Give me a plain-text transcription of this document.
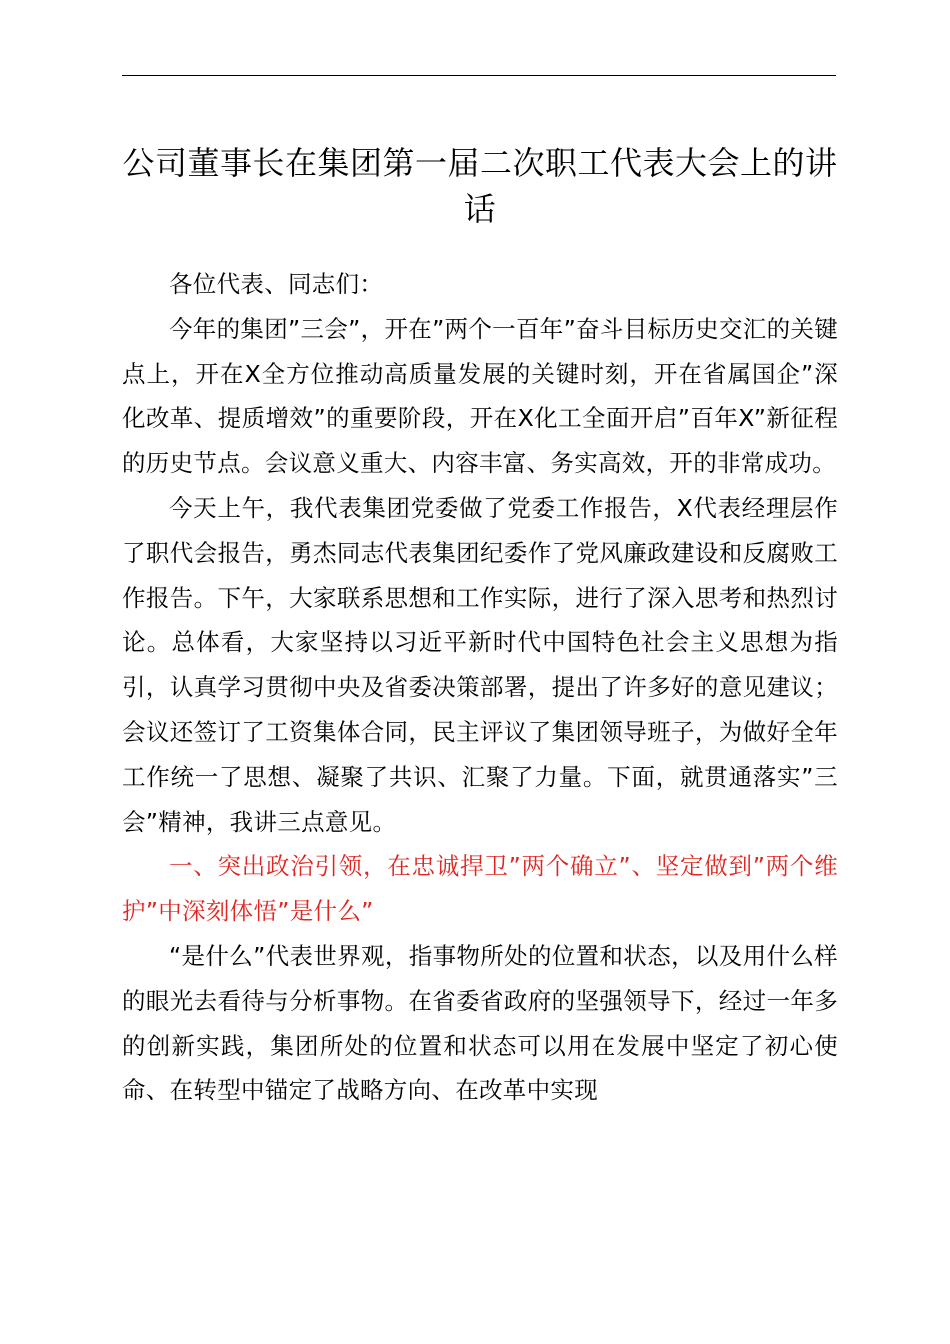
公司董事长在集团第一届二次职工代表大会上的讲话

各位代表、同志们：

今年的集团”三会”，开在”两个一百年”奋斗目标历史交汇的关键点上，开在X全方位推动高质量发展的关键时刻，开在省属国企”深化改革、提质增效”的重要阶段，开在X化工全面开启”百年X”新征程的历史节点。会议意义重大、内容丰富、务实高效，开的非常成功。

今天上午，我代表集团党委做了党委工作报告，X代表经理层作了职代会报告，勇杰同志代表集团纪委作了党风廉政建设和反腐败工作报告。下午，大家联系思想和工作实际，进行了深入思考和热烈讨论。总体看，大家坚持以习近平新时代中国特色社会主义思想为指引，认真学习贯彻中央及省委决策部署，提出了许多好的意见建议；会议还签订了工资集体合同，民主评议了集团领导班子，为做好全年工作统一了思想、凝聚了共识、汇聚了力量。下面，就贯通落实”三会”精神，我讲三点意见。

一、突出政治引领，在忠诚捍卫”两个确立”、坚定做到”两个维护”中深刻体悟”是什么”

“是什么”代表世界观，指事物所处的位置和状态，以及用什么样的眼光去看待与分析事物。在省委省政府的坚强领导下，经过一年多的创新实践，集团所处的位置和状态可以用在发展中坚定了初心使命、在转型中锚定了战略方向、在改革中实现
